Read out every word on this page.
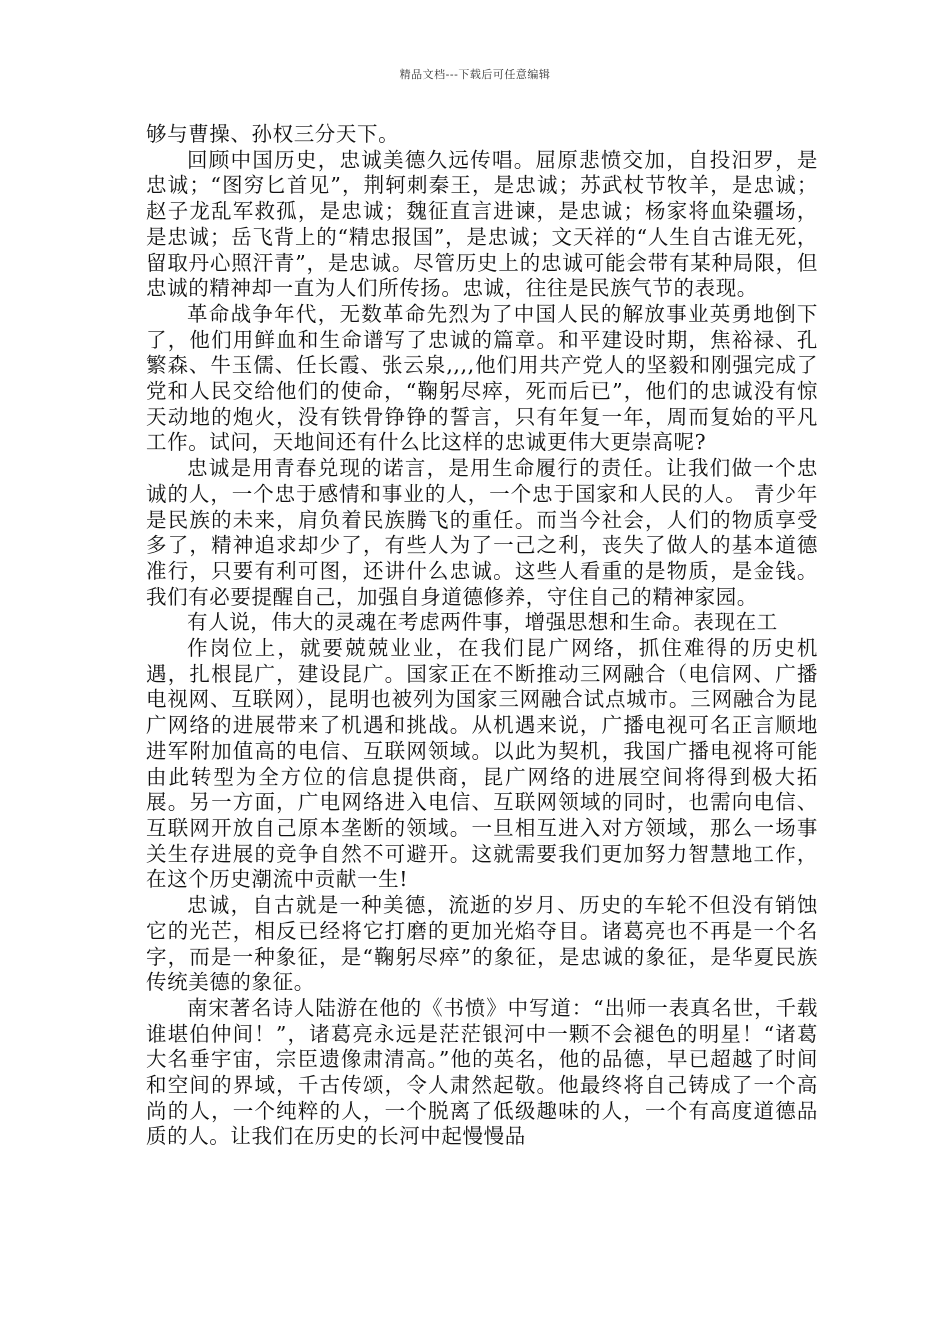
精品文档---下载后可任意编辑

够与曹操、孙权三分天下。

回顾中国历史，忠诚美德久远传唱。屈原悲愤交加，自投汨罗，是忠诚；“图穷匕首见”，荆轲刺秦王，是忠诚；苏武杖节牧羊，是忠诚；赵子龙乱军救孤，是忠诚；魏征直言进谏，是忠诚；杨家将血染疆场，是忠诚；岳飞背上的“精忠报国”，是忠诚；文天祥的“人生自古谁无死，留取丹心照汗青”，是忠诚。尽管历史上的忠诚可能会带有某种局限，但忠诚的精神却一直为人们所传扬。忠诚，往往是民族气节的表现。

革命战争年代，无数革命先烈为了中国人民的解放事业英勇地倒下了，他们用鲜血和生命谱写了忠诚的篇章。和平建设时期，焦裕禄、孔繁森、牛玉儒、任长霞、张云泉,,,,他们用共产党人的坚毅和刚强完成了党和人民交给他们的使命，“鞠躬尽瘁，死而后已”，他们的忠诚没有惊天动地的炮火，没有铁骨铮铮的誓言，只有年复一年，周而复始的平凡工作。试问，天地间还有什么比这样的忠诚更伟大更崇高呢?

忠诚是用青春兑现的诺言，是用生命履行的责任。让我们做一个忠诚的人，一个忠于感情和事业的人，一个忠于国家和人民的人。 青少年是民族的未来，肩负着民族腾飞的重任。而当今社会，人们的物质享受多了，精神追求却少了，有些人为了一己之利，丧失了做人的基本道德准行，只要有利可图，还讲什么忠诚。这些人看重的是物质，是金钱。我们有必要提醒自己，加强自身道德修养，守住自己的精神家园。

有人说，伟大的灵魂在考虑两件事，增强思想和生命。表现在工

作岗位上，就要兢兢业业，在我们昆广网络，抓住难得的历史机遇，扎根昆广，建设昆广。国家正在不断推动三网融合（电信网、广播电视网、互联网），昆明也被列为国家三网融合试点城市。三网融合为昆广网络的进展带来了机遇和挑战。从机遇来说，广播电视可名正言顺地进军附加值高的电信、互联网领域。以此为契机，我国广播电视将可能由此转型为全方位的信息提供商，昆广网络的进展空间将得到极大拓展。另一方面，广电网络进入电信、互联网领域的同时，也需向电信、互联网开放自己原本垄断的领域。一旦相互进入对方领域，那么一场事关生存进展的竞争自然不可避开。这就需要我们更加努力智慧地工作，在这个历史潮流中贡献一生!

忠诚，自古就是一种美德，流逝的岁月、历史的车轮不但没有销蚀它的光芒，相反已经将它打磨的更加光焰夺目。诸葛亮也不再是一个名字，而是一种象征，是“鞠躬尽瘁”的象征，是忠诚的象征，是华夏民族传统美德的象征。

南宋著名诗人陆游在他的《书愤》中写道：“出师一表真名世，千载谁堪伯仲间！”，诸葛亮永远是茫茫银河中一颗不会褪色的明星！“诸葛大名垂宇宙，宗臣遗像肃清高。”他的英名，他的品德，早已超越了时间和空间的界域，千古传颂，令人肃然起敬。他最终将自己铸成了一个高尚的人，一个纯粹的人，一个脱离了低级趣味的人，一个有高度道德品质的人。让我们在历史的长河中起慢慢品
